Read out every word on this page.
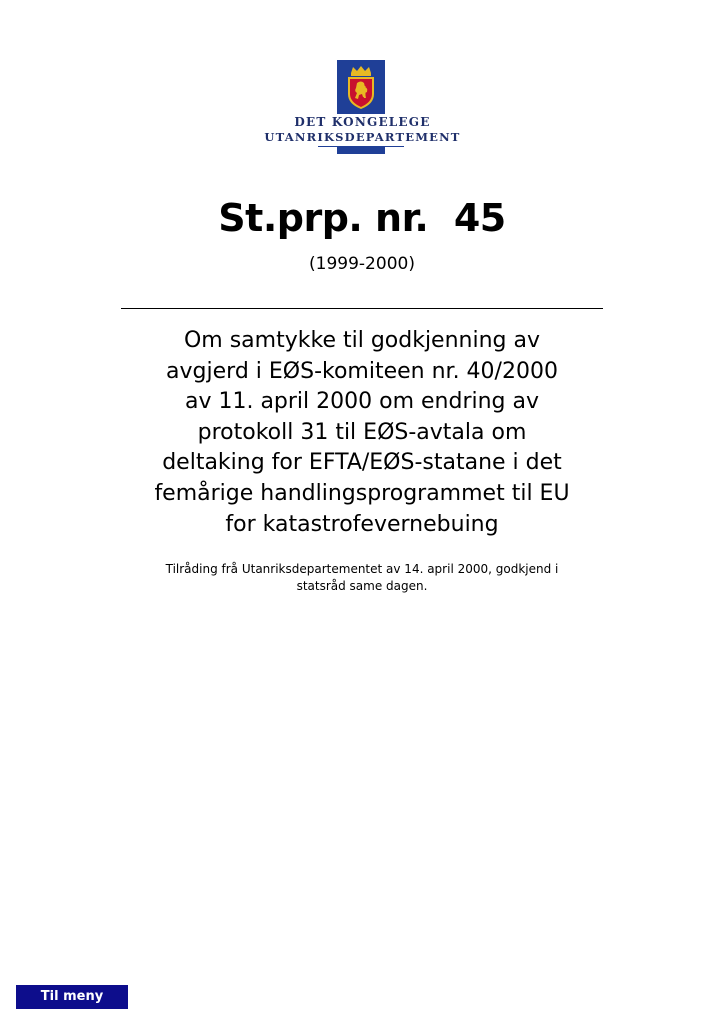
DET KONGELEGE
UTANRIKSDEPARTEMENT
St.prp. nr.  45
(1999-2000)
Om samtykke til godkjenning av avgjerd i EØS-komiteen nr. 40/2000 av 11. april 2000 om endring av protokoll 31 til EØS-avtala om deltaking for EFTA/EØS-statane i det femårige handlingsprogrammet til EU for katastrofevernebuing
Tilråding frå Utanriksdepartementet av 14. april 2000, godkjend i statsråd same dagen.
Til meny
